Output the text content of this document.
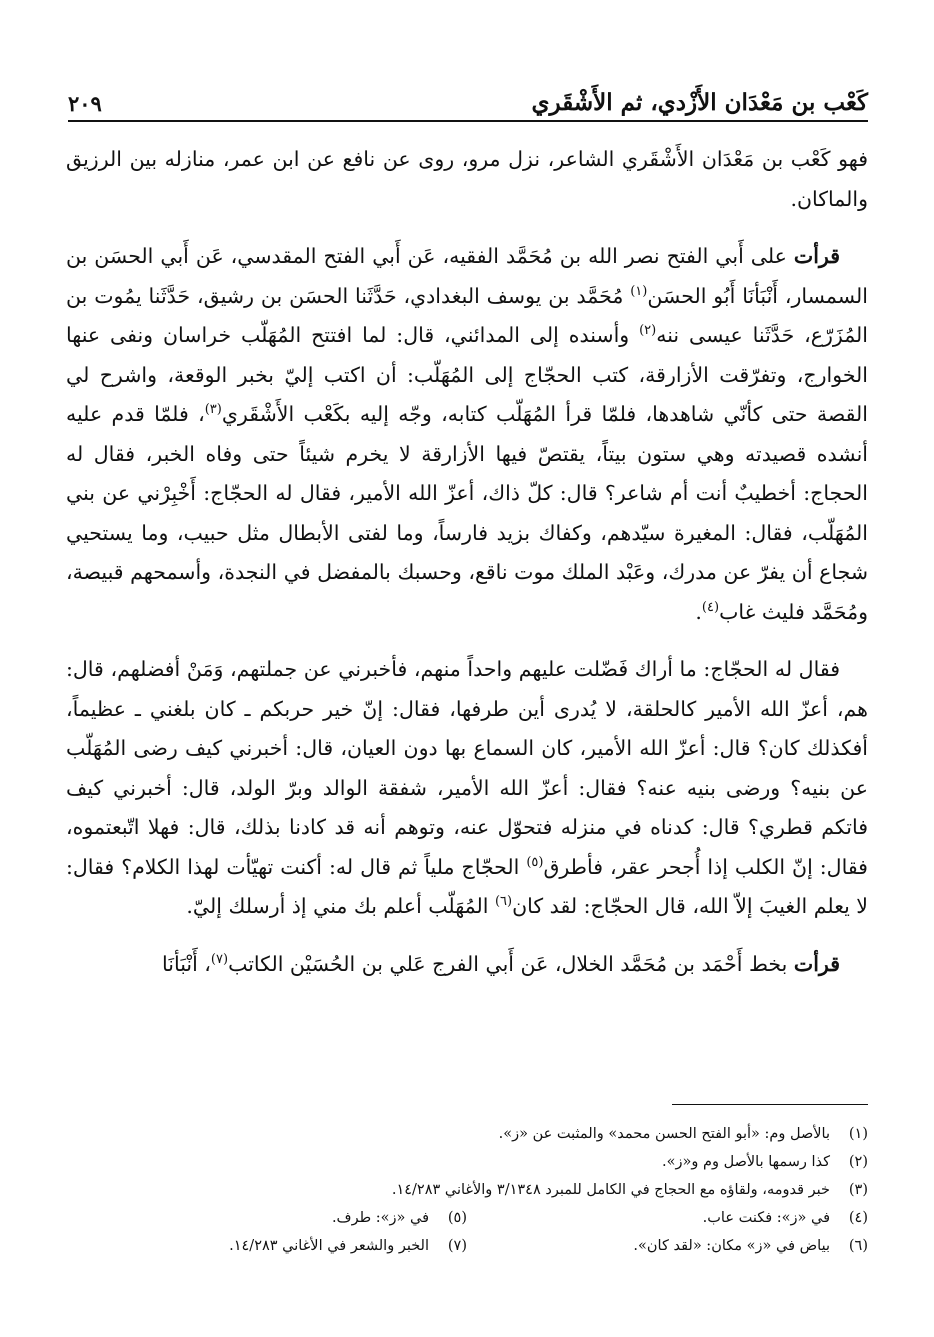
كَعْب بن مَعْدَان الأَزْدي، ثم الأَشْقَري
٢٠٩

فهو كَعْب بن مَعْدَان الأَشْقَري الشاعر، نزل مرو، روى عن نافع عن ابن عمر، منازله بين الرزيق والماكان.

قرأت على أَبي الفتح نصر الله بن مُحَمَّد الفقيه، عَن أَبي الفتح المقدسي، عَن أَبي الحسَن بن السمسار، أَنْبَأنَا أَبُو الحسَن$^{(١)}$ مُحَمَّد بن يوسف البغدادي، حَدَّثَنا الحسَن بن رشيق، حَدَّثَنا يمُوت بن المُزَرّع، حَدَّثَنا عيسى ننه$^{(٢)}$ وأسنده إلى المدائني، قال: لما افتتح المُهَلّب خراسان ونفى عنها الخوارج، وتفرّقت الأزارقة، كتب الحجّاج إلى المُهَلّب: أن اكتب إليّ بخبر الوقعة، واشرح لي القصة حتى كأنّي شاهدها، فلمّا قرأ المُهَلّب كتابه، وجّه إليه بكَعْب الأَشْقَري$^{(٣)}$، فلمّا قدم عليه أنشده قصيدته وهي ستون بيتاً، يقتصّ فيها الأزارقة لا يخرم شيئاً حتى وفاه الخبر، فقال له الحجاج: أخطيبٌ أنت أم شاعر؟ قال: كلّ ذاك، أعزّ الله الأمير، فقال له الحجّاج: أَخْبِرْني عن بني المُهَلّب، فقال: المغيرة سيّدهم، وكفاك بزيد فارساً، وما لفتى الأبطال مثل حبيب، وما يستحيي شجاع أن يفرّ عن مدرك، وعَبْد الملك موت ناقع، وحسبك بالمفضل في النجدة، وأسمحهم قبيصة، ومُحَمَّد فليث غاب$^{(٤)}$.

فقال له الحجّاج: ما أراك فَضّلت عليهم واحداً منهم، فأخبرني عن جملتهم، وَمَنْ أفضلهم، قال: هم، أعزّ الله الأمير كالحلقة، لا يُدرى أين طرفها، فقال: إنّ خير حربكم ـ كان بلغني ـ عظيماً، أفكذلك كان؟ قال: أعزّ الله الأمير، كان السماع بها دون العيان، قال: أخبرني كيف رضى المُهَلّب عن بنيه؟ ورضى بنيه عنه؟ فقال: أعزّ الله الأمير، شفقة الوالد وبرّ الولد، قال: أخبرني كيف فاتكم قطري؟ قال: كدناه في منزله فتحوّل عنه، وتوهم أنه قد كادنا بذلك، قال: فهلا اتّبعتموه، فقال: إنّ الكلب إذا أُجحر عقر، فأطرق$^{(٥)}$ الحجّاج ملياً ثم قال له: أكنت تهيّأت لهذا الكلام؟ فقال: لا يعلم الغيبَ إلاّ الله، قال الحجّاج: لقد كان$^{(٦)}$ المُهَلّب أعلم بك مني إذ أرسلك إليّ.

قرأت بخط أَحْمَد بن مُحَمَّد الخلال، عَن أَبي الفرج عَلي بن الحُسَيْن الكاتب$^{(٧)}$، أَنْبَأنَا

(١)
بالأصل وم: «أبو الفتح الحسن محمد» والمثبت عن «ز».
(٢)
كذا رسمها بالأصل وم و«ز».
(٣)
خبر قدومه، ولقاؤه مع الحجاج في الكامل للمبرد ٣/١٣٤٨ والأغاني ١٤/٢٨٣.
(٤)
في «ز»: فكنت عاب.
(٥)
في «ز»: طرف.
(٦)
بياض في «ز» مكان: «لقد كان».
(٧)
الخبر والشعر في الأغاني ١٤/٢٨٣.
